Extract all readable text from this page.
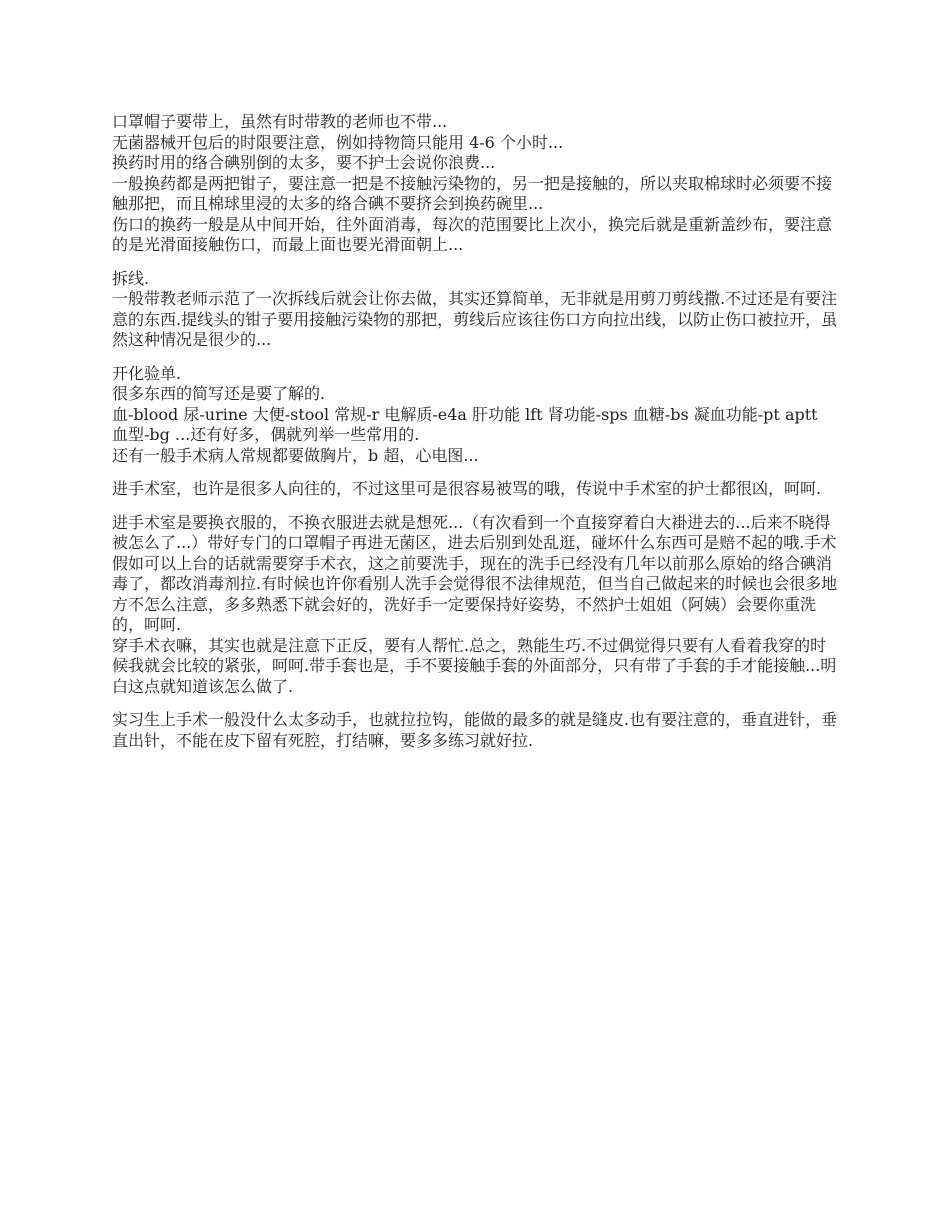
口罩帽子要带上，虽然有时带教的老师也不带...
无菌器械开包后的时限要注意，例如持物筒只能用 4-6 个小时...
换药时用的络合碘别倒的太多，要不护士会说你浪费...
一般换药都是两把钳子，要注意一把是不接触污染物的，另一把是接触的，所以夹取棉球时必须要不接触那把，而且棉球里浸的太多的络合碘不要挤会到换药碗里...
伤口的换药一般是从中间开始，往外面消毒，每次的范围要比上次小，换完后就是重新盖纱布，要注意的是光滑面接触伤口，而最上面也要光滑面朝上...
拆线.
一般带教老师示范了一次拆线后就会让你去做，其实还算简单，无非就是用剪刀剪线撒.不过还是有要注意的东西.提线头的钳子要用接触污染物的那把，剪线后应该往伤口方向拉出线，以防止伤口被拉开，虽然这种情况是很少的...
开化验单.
很多东西的简写还是要了解的.
血-blood 尿-urine 大便-stool 常规-r 电解质-e4a 肝功能 lft 肾功能-sps 血糖-bs 凝血功能-pt aptt
血型-bg ...还有好多，偶就列举一些常用的.
还有一般手术病人常规都要做胸片，b 超，心电图...
进手术室，也许是很多人向往的，不过这里可是很容易被骂的哦，传说中手术室的护士都很凶，呵呵.
进手术室是要换衣服的，不换衣服进去就是想死...（有次看到一个直接穿着白大褂进去的...后来不晓得被怎么了...）带好专门的口罩帽子再进无菌区，进去后别到处乱逛，碰坏什么东西可是赔不起的哦.手术假如可以上台的话就需要穿手术衣，这之前要洗手，现在的洗手已经没有几年以前那么原始的络合碘消毒了，都改消毒剂拉.有时候也许你看别人洗手会觉得很不法律规范，但当自己做起来的时候也会很多地方不怎么注意，多多熟悉下就会好的，洗好手一定要保持好姿势，不然护士姐姐（阿姨）会要你重洗的，呵呵.
穿手术衣嘛，其实也就是注意下正反，要有人帮忙.总之，熟能生巧.不过偶觉得只要有人看着我穿的时候我就会比较的紧张，呵呵.带手套也是，手不要接触手套的外面部分，只有带了手套的手才能接触...明白这点就知道该怎么做了.
实习生上手术一般没什么太多动手，也就拉拉钩，能做的最多的就是缝皮.也有要注意的，垂直进针，垂直出针，不能在皮下留有死腔，打结嘛，要多多练习就好拉.
